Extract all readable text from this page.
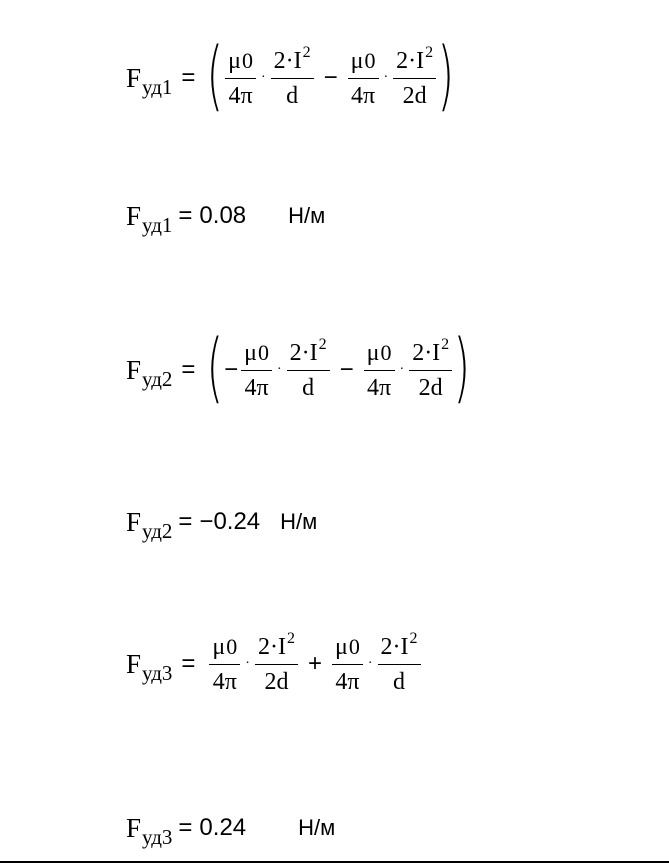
F уд1 = ( $\frac{\mu 0}{4\pi} \cdot \frac{2\cdot I^2}{d} - \frac{\mu 0}{4\pi} \cdot \frac{2\cdot I^2}{2d}$ )
F уд1 = 0.08 Н/м
F уд2 = ( − $\frac{\mu 0}{4\pi} \cdot \frac{2\cdot I^2}{d} - \frac{\mu 0}{4\pi} \cdot \frac{2\cdot I^2}{2d}$ )
F уд2 = −0.24 Н/м
F $уд3 = \frac{\mu 0}{4\pi} \cdot \frac{2\cdot I^2}{2d} + \frac{\mu 0}{4\pi} \cdot \frac{2\cdot I^2}{d}$
F уд3 = 0.24 Н/м
